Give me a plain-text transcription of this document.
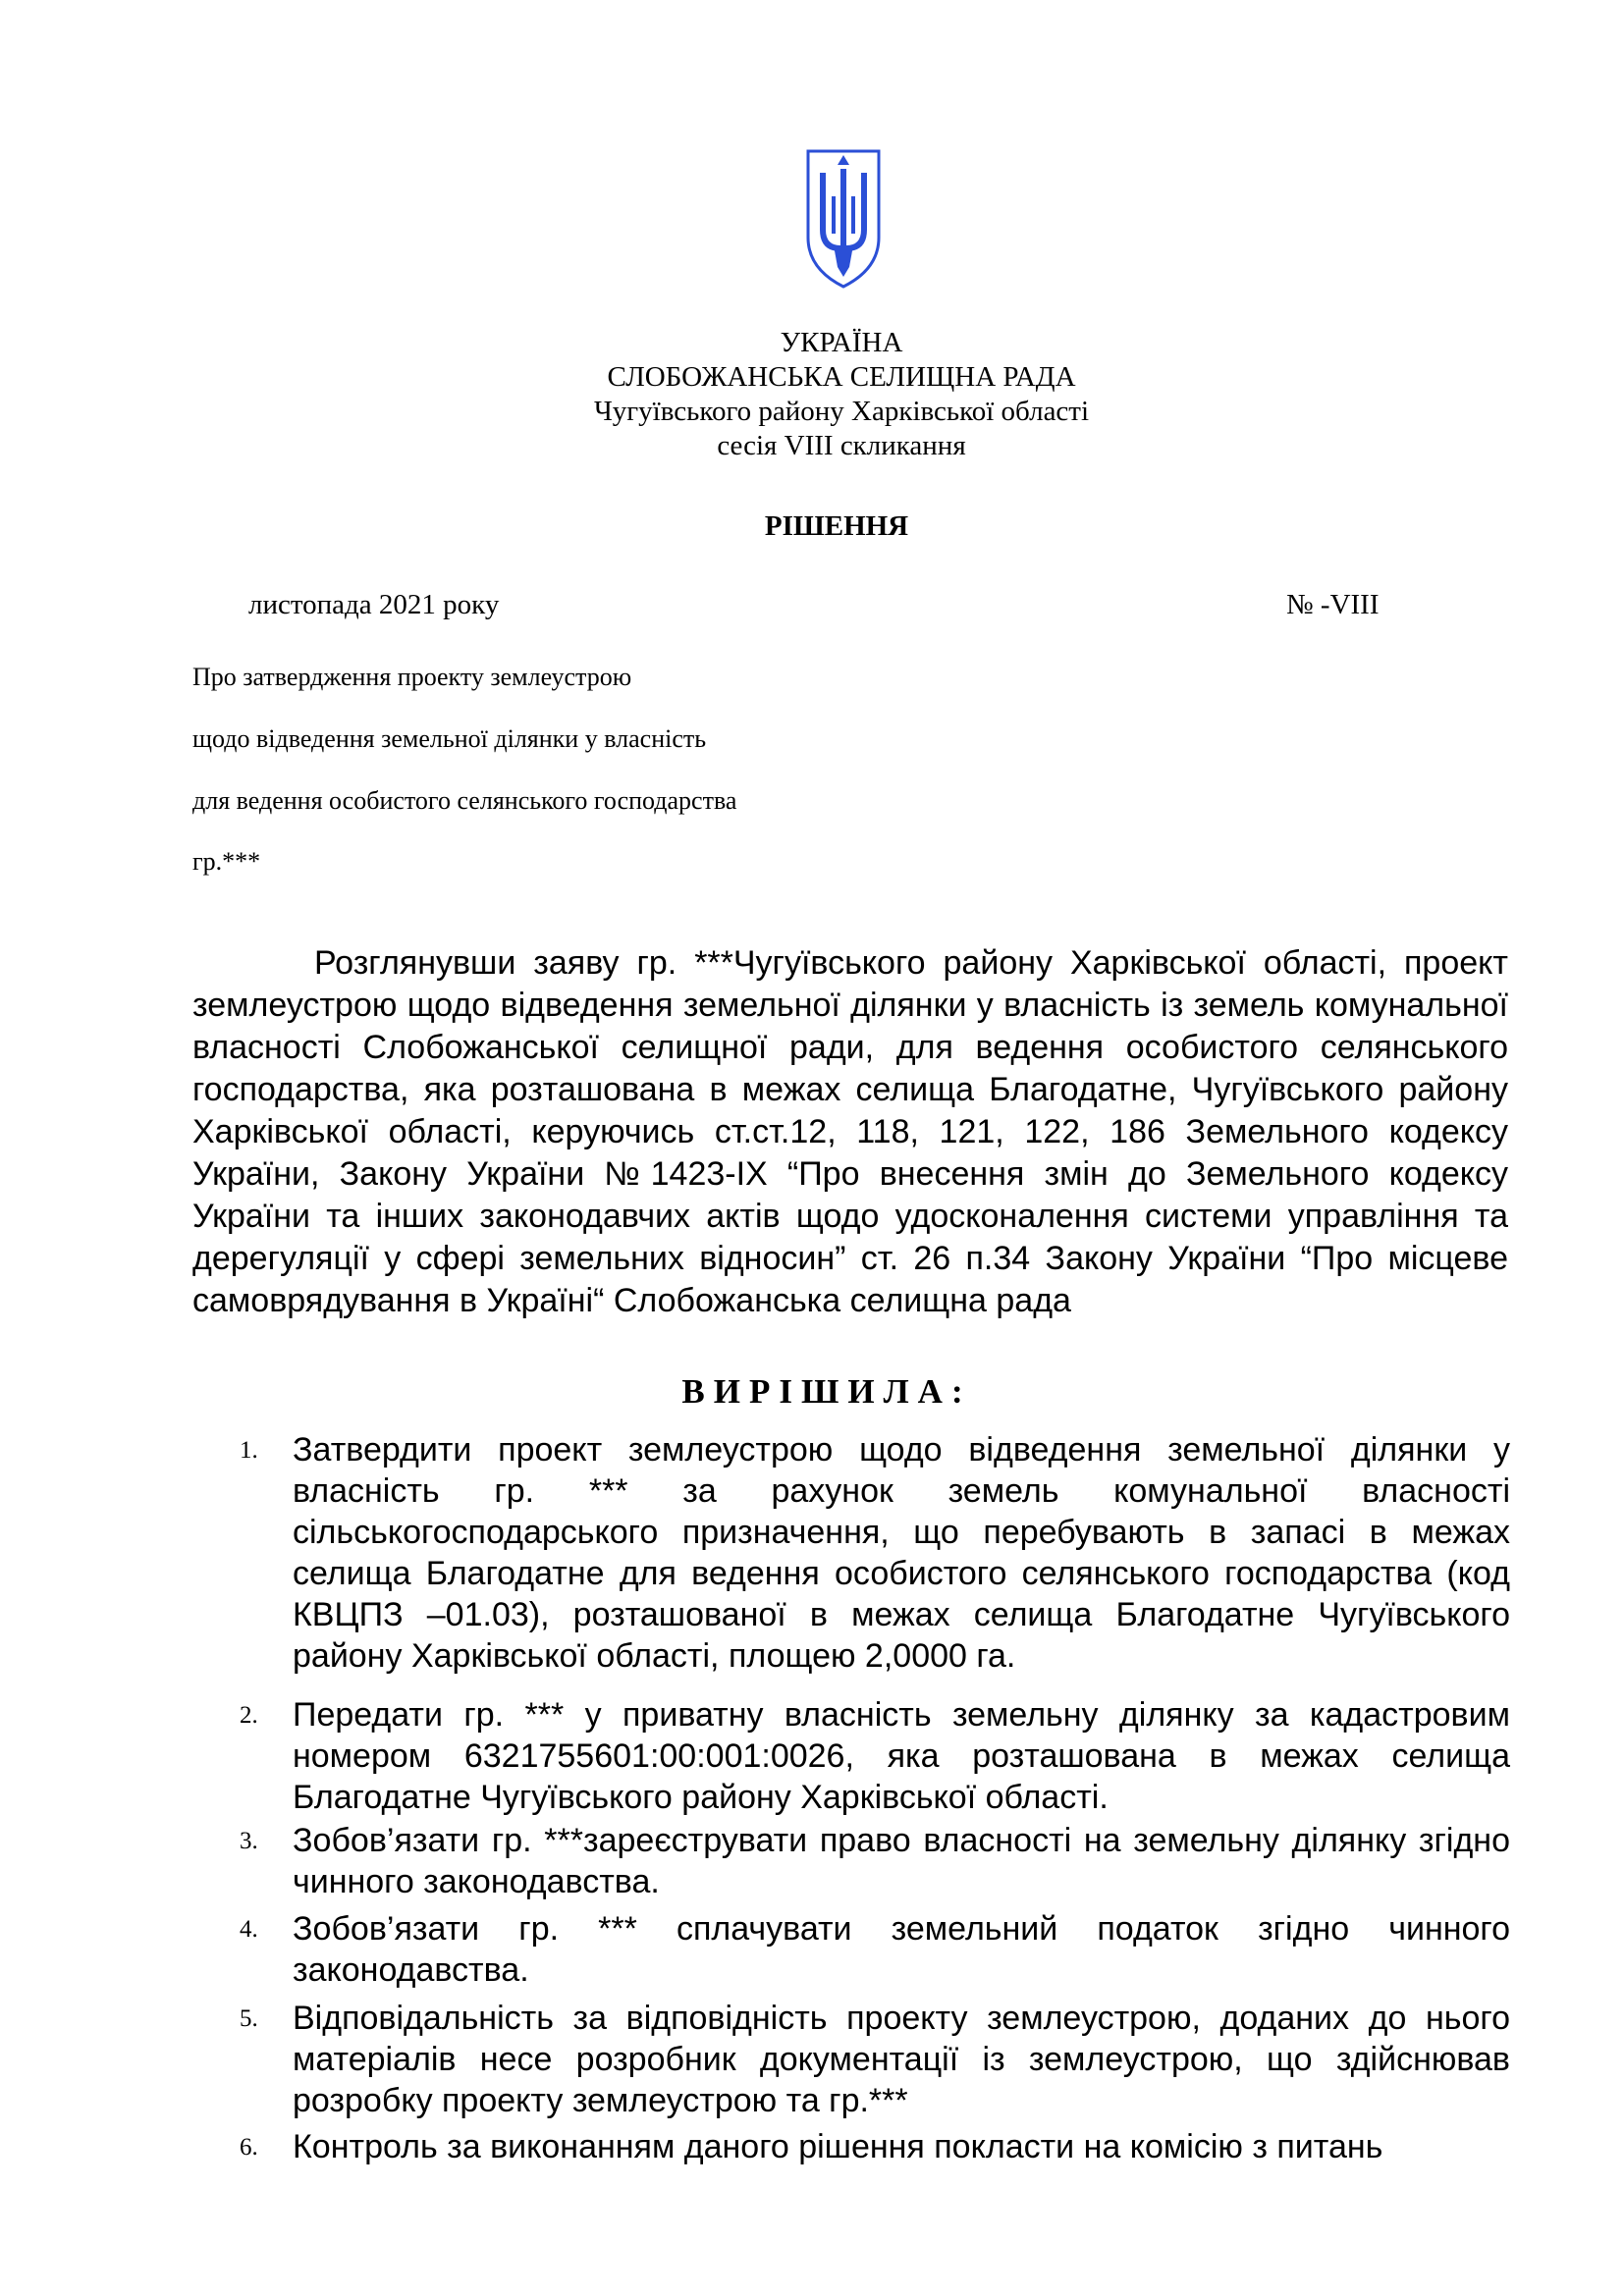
УКРАЇНА
СЛОБОЖАНСЬКА СЕЛИЩНА РАДА
Чугуївського району Харківської області
сесія VIII скликання
РІШЕННЯ
листопада 2021 року	№ -VIII
Про затвердження проекту землеустрою
щодо відведення земельної ділянки у власність
для ведення особистого селянського господарства
гр.***

Розглянувши заяву гр. ***Чугуївського району Харківської області, проект землеустрою щодо відведення земельної ділянки у власність із земель комунальної власності Слобожанської селищної ради, для ведення особистого селянського господарства, яка розташована в межах селища Благодатне, Чугуївського району Харківської області, керуючись ст.ст.12, 118, 121, 122, 186 Земельного кодексу України, Закону України №1423-IX “Про внесення змін до Земельного кодексу України та інших законодавчих актів щодо удосконалення системи управління та дерегуляції у сфері земельних відносин” ст. 26 п.34 Закону України “Про місцеве самоврядування в Україні“ Слобожанська селищна рада

ВИРІШИЛА:
1. Затвердити проект землеустрою щодо відведення земельної ділянки у власність гр. *** за рахунок земель комунальної власності сільськогосподарського призначення, що перебувають в запасі в межах селища Благодатне для ведення особистого селянського господарства (код КВЦПЗ –01.03), розташованої в межах селища Благодатне Чугуївського району Харківської області, площею 2,0000 га.

2. Передати гр. *** у приватну власність земельну ділянку за кадастровим номером 6321755601:00:001:0026, яка розташована в межах селища Благодатне Чугуївського району Харківської області.

3. Зобов’язати гр. ***зареєструвати право власності на земельну ділянку згідно чинного законодавства.

4. Зобов’язати гр. *** сплачувати земельний податок згідно чинного законодавства.

5. Відповідальність за відповідність проекту землеустрою, доданих до нього матеріалів несе розробник документації із землеустрою, що здійснював розробку проекту землеустрою та гр.***

6. Контроль за виконанням даного рішення покласти на комісію з питань
